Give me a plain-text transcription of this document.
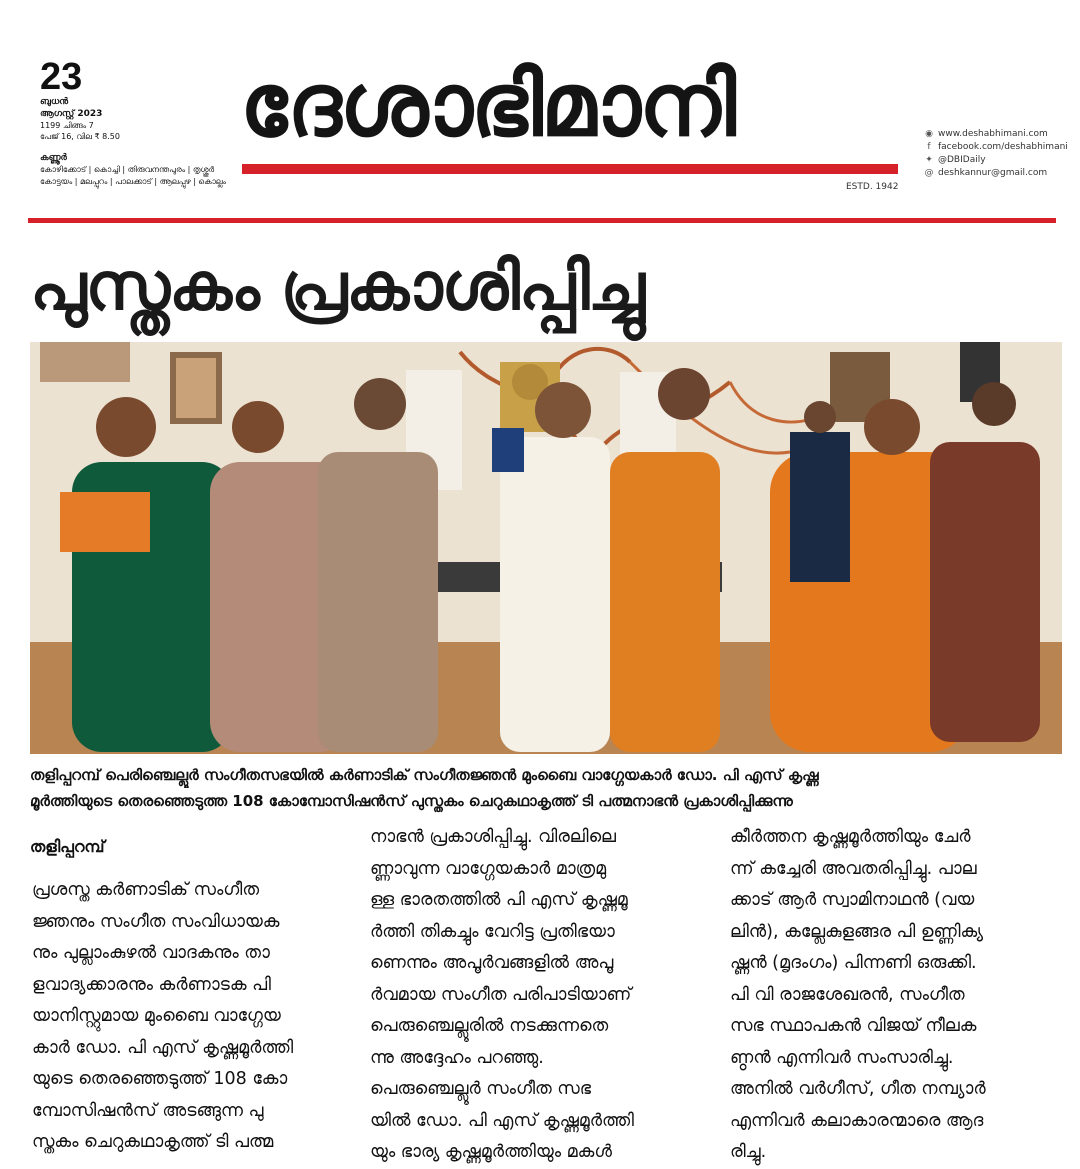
23
ബുധൻ
ആഗസ്റ്റ് 2023
1199 ചിങ്ങം 7
പേജ് 16, വില ₹ 8.50
കണ്ണൂർ
കോഴിക്കോട് | കൊച്ചി | തിരുവനന്തപുരം | തൃശ്ശൂർ
കോട്ടയം | മലപ്പുറം | പാലക്കാട് | ആലപ്പുഴ | കൊല്ലം
ദേശാഭിമാനി
ESTD. 1942
◉ www.deshabhimani.com
f facebook.com/deshabhimani
✦ @DBIDaily
@ deshkannur@gmail.com
പുസ്തകം പ്രകാശിപ്പിച്ചു
തളിപ്പറമ്പ് പെരിഞ്ചെല്ലൂർ സംഗീതസഭയിൽ കർണാടിക് സംഗീതജ്ഞൻ മുംബൈ വാഗ്ഗേയകാർ ഡോ. പി എസ് കൃഷ്ണ
മൂർത്തിയുടെ തെരഞ്ഞെടുത്ത 108 കോമ്പോസിഷൻസ് പുസ്തകം ചെറുകഥാകൃത്ത് ടി പത്മനാഭൻ പ്രകാശിപ്പിക്കുന്നു
തളിപ്പറമ്പ്
പ്രശസ്ത കർണാടിക് സംഗീത
ജ്ഞനും സംഗീത സംവിധായക
നും പുല്ലാംകുഴൽ വാദകനും താ
ളവാദ്യക്കാരനും കർണാടക പി
യാനിസ്റ്റുമായ മുംബൈ വാഗ്ഗേയ
കാർ ഡോ. പി എസ് കൃഷ്ണമൂർത്തി
യുടെ തെരഞ്ഞെടുത്ത് 108 കോ
മ്പോസിഷൻസ് അടങ്ങുന്ന പു
സ്തകം ചെറുകഥാകൃത്ത് ടി പത്മ
നാഭൻ പ്രകാശിപ്പിച്ചു. വിരലിലെ
ണ്ണാവുന്ന വാഗ്ഗേയകാർ മാത്രമു
ള്ള ഭാരതത്തിൽ പി എസ് കൃഷ്ണമൂ
ർത്തി തികച്ചും വേറിട്ട പ്രതിഭയാ
ണെന്നും അപൂർവങ്ങളിൽ അപൂ
ർവമായ സംഗീത പരിപാടിയാണ്
പെരുഞ്ചെല്ലൂരിൽ നടക്കുന്നതെ
ന്നു അദ്ദേഹം പറഞ്ഞു.
പെരുഞ്ചെല്ലൂർ സംഗീത സഭ
യിൽ ഡോ. പി എസ് കൃഷ്ണമൂർത്തി
യും ഭാര്യ കൃഷ്ണമൂർത്തിയും മകൾ
കീർത്തന കൃഷ്ണമൂർത്തിയും ചേർ
ന്ന് കച്ചേരി അവതരിപ്പിച്ചു. പാല
ക്കാട് ആർ സ്വാമിനാഥൻ (വയ
ലിൻ), കല്ലേകുളങ്ങര പി ഉണ്ണിക്യ
ഷ്ണൻ (മൃദംഗം) പിന്നണി ഒരുക്കി.
പി വി രാജശേഖരൻ, സംഗീത
സഭ സ്ഥാപകൻ വിജയ് നീലക
ണ്ഠൻ എന്നിവർ സംസാരിച്ചു.
അനിൽ വർഗീസ്, ഗീത നമ്പ്യാർ
എന്നിവർ കലാകാരന്മാരെ ആദ
രിച്ചു.
